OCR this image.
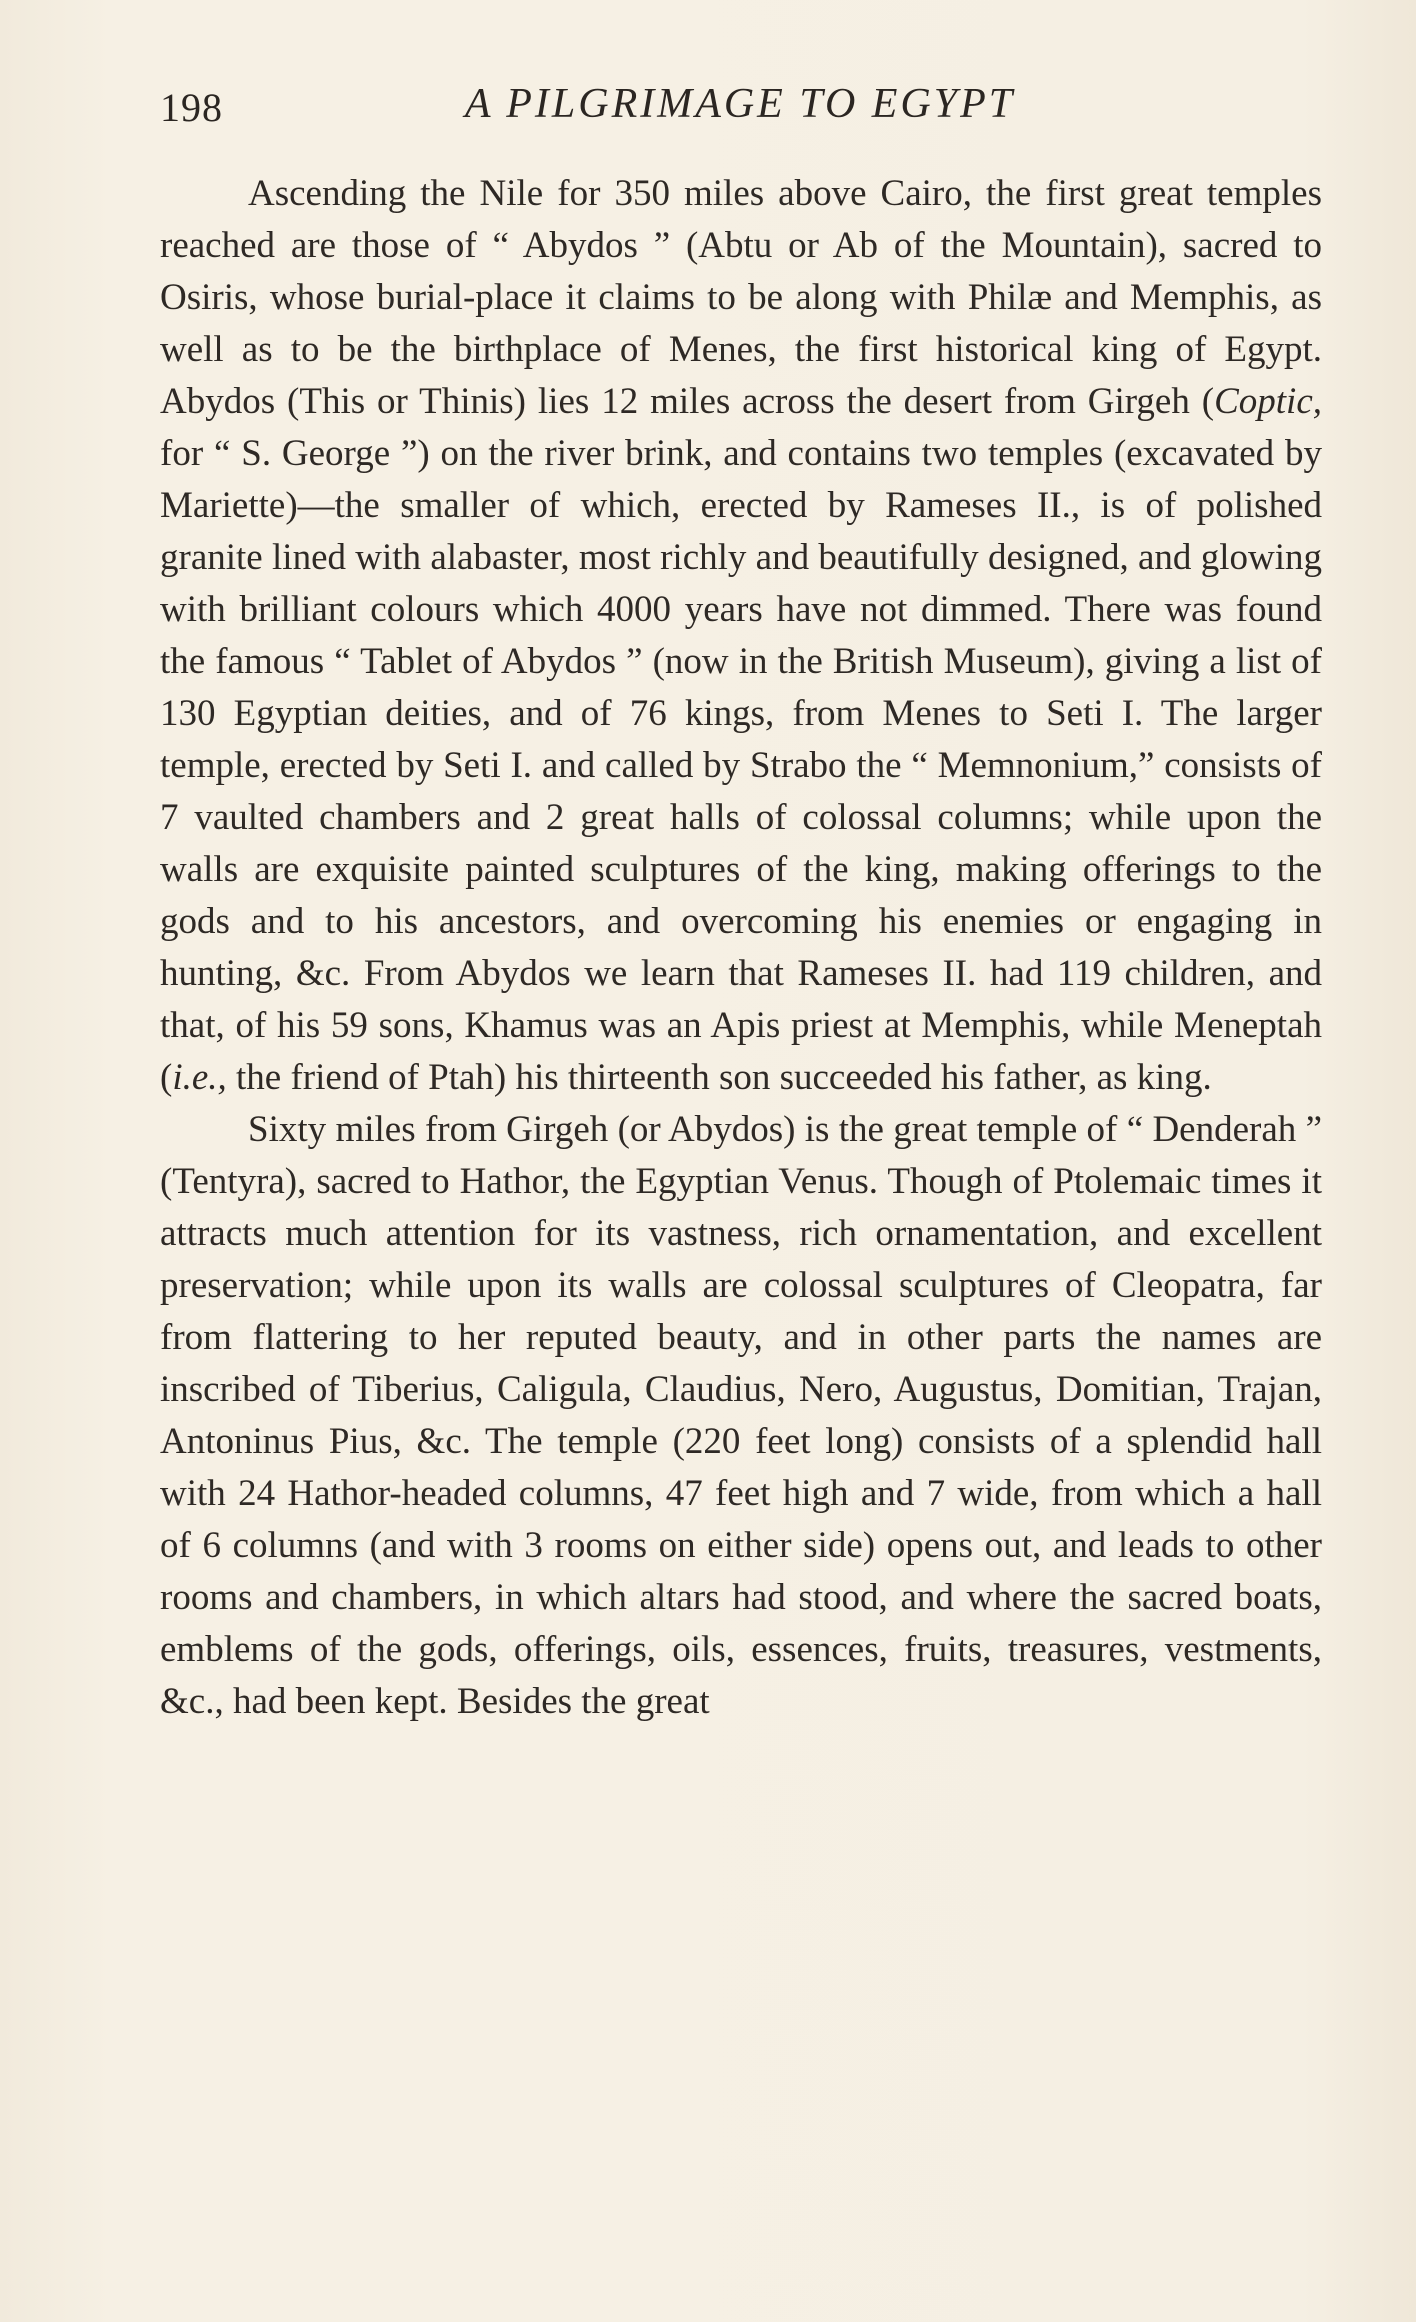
198	A PILGRIMAGE TO EGYPT

Ascending the Nile for 350 miles above Cairo, the first great temples reached are those of “ Abydos ” (Abtu or Ab of the Mountain), sacred to Osiris, whose burial-place it claims to be along with Philæ and Memphis, as well as to be the birthplace of Menes, the first historical king of Egypt. Abydos (This or Thinis) lies 12 miles across the desert from Girgeh (Coptic, for “ S. George ”) on the river brink, and contains two temples (excavated by Mariette)—the smaller of which, erected by Rameses II., is of polished granite lined with alabaster, most richly and beautifully designed, and glowing with brilliant colours which 4000 years have not dimmed. There was found the famous “ Tablet of Abydos ” (now in the British Museum), giving a list of 130 Egyptian deities, and of 76 kings, from Menes to Seti I. The larger temple, erected by Seti I. and called by Strabo the “ Memnonium,” consists of 7 vaulted chambers and 2 great halls of colossal columns; while upon the walls are exquisite painted sculptures of the king, making offerings to the gods and to his ancestors, and overcoming his enemies or engaging in hunting, &c. From Abydos we learn that Rameses II. had 119 children, and that, of his 59 sons, Khamus was an Apis priest at Memphis, while Meneptah (i.e., the friend of Ptah) his thirteenth son succeeded his father, as king.

Sixty miles from Girgeh (or Abydos) is the great temple of “ Denderah ” (Tentyra), sacred to Hathor, the Egyptian Venus. Though of Ptolemaic times it attracts much attention for its vastness, rich ornamentation, and excellent preservation; while upon its walls are colossal sculptures of Cleopatra, far from flattering to her reputed beauty, and in other parts the names are inscribed of Tiberius, Caligula, Claudius, Nero, Augustus, Domitian, Trajan, Antoninus Pius, &c. The temple (220 feet long) consists of a splendid hall with 24 Hathor-headed columns, 47 feet high and 7 wide, from which a hall of 6 columns (and with 3 rooms on either side) opens out, and leads to other rooms and chambers, in which altars had stood, and where the sacred boats, emblems of the gods, offerings, oils, essences, fruits, treasures, vestments, &c., had been kept. Besides the great
